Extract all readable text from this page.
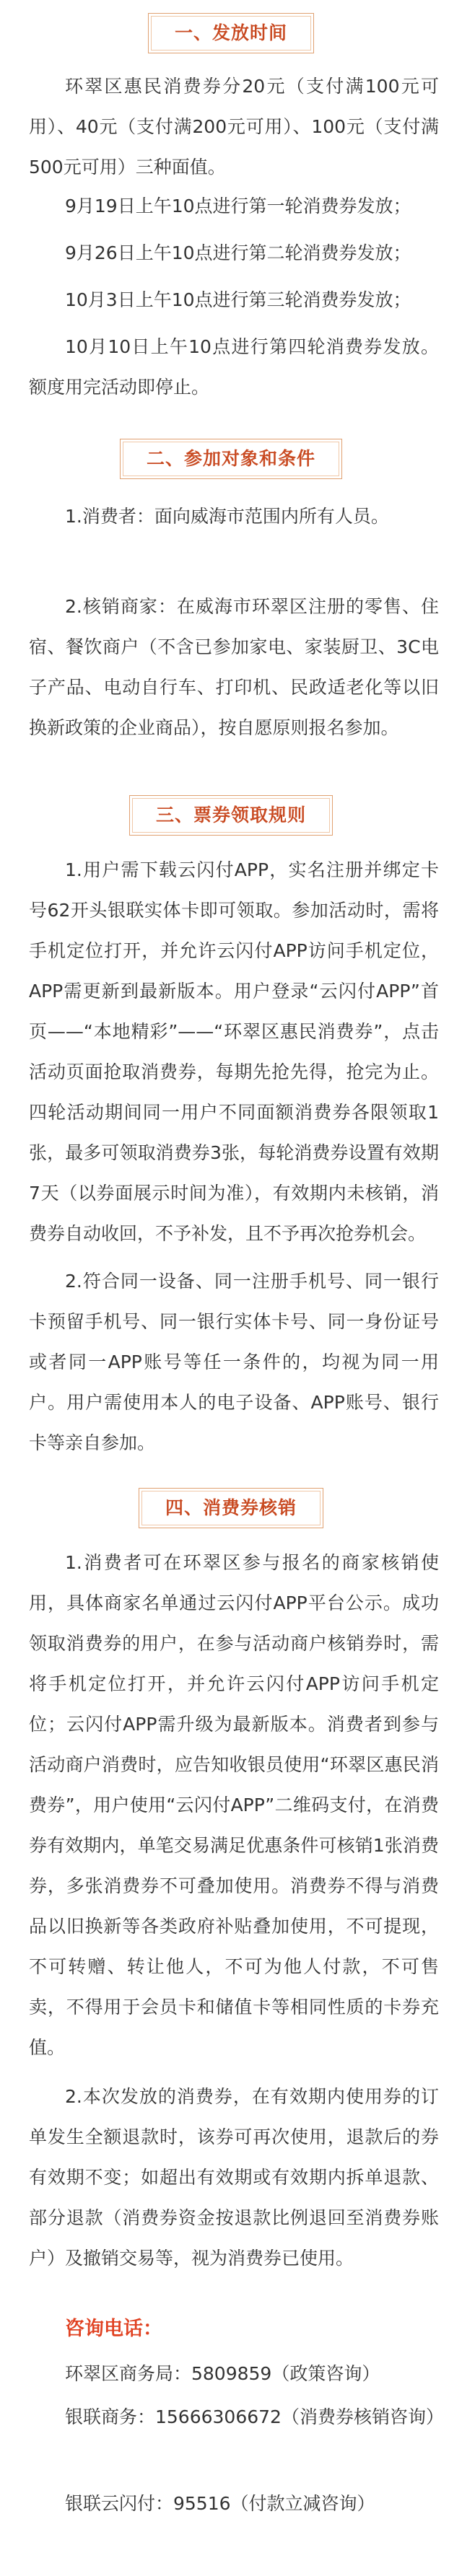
一、发放时间

环翠区惠民消费券分20元（支付满100元可用）、40元（支付满200元可用）、100元（支付满500元可用）三种面值。

9月19日上午10点进行第一轮消费券发放；

9月26日上午10点进行第二轮消费券发放；

10月3日上午10点进行第三轮消费券发放；

10月10日上午10点进行第四轮消费券发放。额度用完活动即停止。

二、参加对象和条件

1.消费者：面向威海市范围内所有人员。

2.核销商家：在威海市环翠区注册的零售、住宿、餐饮商户（不含已参加家电、家装厨卫、3C电子产品、电动自行车、打印机、民政适老化等以旧换新政策的企业商品），按自愿原则报名参加。

三、票券领取规则

1.用户需下载云闪付APP，实名注册并绑定卡号62开头银联实体卡即可领取。参加活动时，需将手机定位打开，并允许云闪付APP访问手机定位，APP需更新到最新版本。用户登录“云闪付APP”首页——“本地精彩”——“环翠区惠民消费券”，点击活动页面抢取消费券，每期先抢先得，抢完为止。四轮活动期间同一用户不同面额消费券各限领取1张，最多可领取消费券3张，每轮消费券设置有效期7天（以券面展示时间为准），有效期内未核销，消费券自动收回，不予补发，且不予再次抢券机会。

2.符合同一设备、同一注册手机号、同一银行卡预留手机号、同一银行实体卡号、同一身份证号或者同一APP账号等任一条件的，均视为同一用户。用户需使用本人的电子设备、APP账号、银行卡等亲自参加。

四、消费券核销

1.消费者可在环翠区参与报名的商家核销使用，具体商家名单通过云闪付APP平台公示。成功领取消费券的用户，在参与活动商户核销券时，需将手机定位打开，并允许云闪付APP访问手机定位；云闪付APP需升级为最新版本。消费者到参与活动商户消费时，应告知收银员使用“环翠区惠民消费券”，用户使用“云闪付APP”二维码支付，在消费券有效期内，单笔交易满足优惠条件可核销1张消费券，多张消费券不可叠加使用。消费券不得与消费品以旧换新等各类政府补贴叠加使用，不可提现，不可转赠、转让他人，不可为他人付款，不可售卖，不得用于会员卡和储值卡等相同性质的卡券充值。

2.本次发放的消费券，在有效期内使用券的订单发生全额退款时，该券可再次使用，退款后的券有效期不变；如超出有效期或有效期内拆单退款、部分退款（消费券资金按退款比例退回至消费券账户）及撤销交易等，视为消费券已使用。

咨询电话：

环翠区商务局：5809859（政策咨询）

银联商务：15666306672（消费券核销咨询）

银联云闪付：95516（付款立减咨询）
